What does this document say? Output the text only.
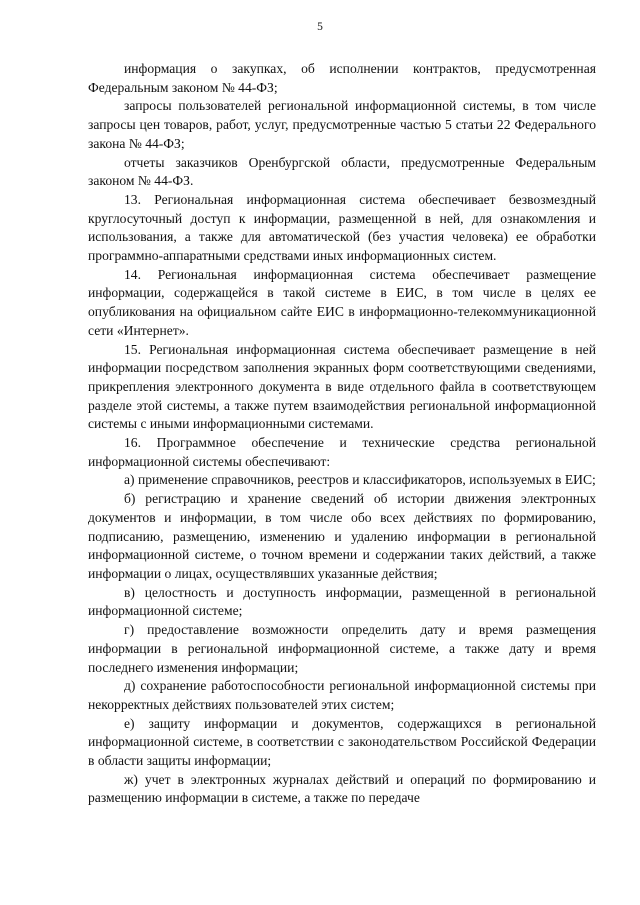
5

информация о закупках, об исполнении контрактов, предусмотренная Федеральным законом № 44-ФЗ;

запросы пользователей региональной информационной системы, в том числе запросы цен товаров, работ, услуг, предусмотренные частью 5 статьи 22 Федерального закона № 44-ФЗ;

отчеты заказчиков Оренбургской области, предусмотренные Федеральным законом № 44-ФЗ.

13. Региональная информационная система обеспечивает безвозмездный круглосуточный доступ к информации, размещенной в ней, для ознакомления и использования, а также для автоматической (без участия человека) ее обработки программно-аппаратными средствами иных информационных систем.

14. Региональная информационная система обеспечивает размещение информации, содержащейся в такой системе в ЕИС, в том числе в целях ее опубликования на официальном сайте ЕИС в информационно-телекоммуникационной сети «Интернет».

15. Региональная информационная система обеспечивает размещение в ней информации посредством заполнения экранных форм соответствующими сведениями, прикрепления электронного документа в виде отдельного файла в соответствующем разделе этой системы, а также путем взаимодействия региональной информационной системы с иными информационными системами.

16. Программное обеспечение и технические средства региональной информационной системы обеспечивают:

а) применение справочников, реестров и классификаторов, используемых в ЕИС;

б) регистрацию и хранение сведений об истории движения электронных документов и информации, в том числе обо всех действиях по формированию, подписанию, размещению, изменению и удалению информации в региональной информационной системе, о точном времени и содержании таких действий, а также информации о лицах, осуществлявших указанные действия;

в) целостность и доступность информации, размещенной в региональной информационной системе;

г) предоставление возможности определить дату и время размещения информации в региональной информационной системе, а также дату и время последнего изменения информации;

д) сохранение работоспособности региональной информационной системы при некорректных действиях пользователей этих систем;

е) защиту информации и документов, содержащихся в региональной информационной системе, в соответствии с законодательством Российской Федерации в области защиты информации;

ж) учет в электронных журналах действий и операций по формированию и размещению информации в системе, а также по передаче
